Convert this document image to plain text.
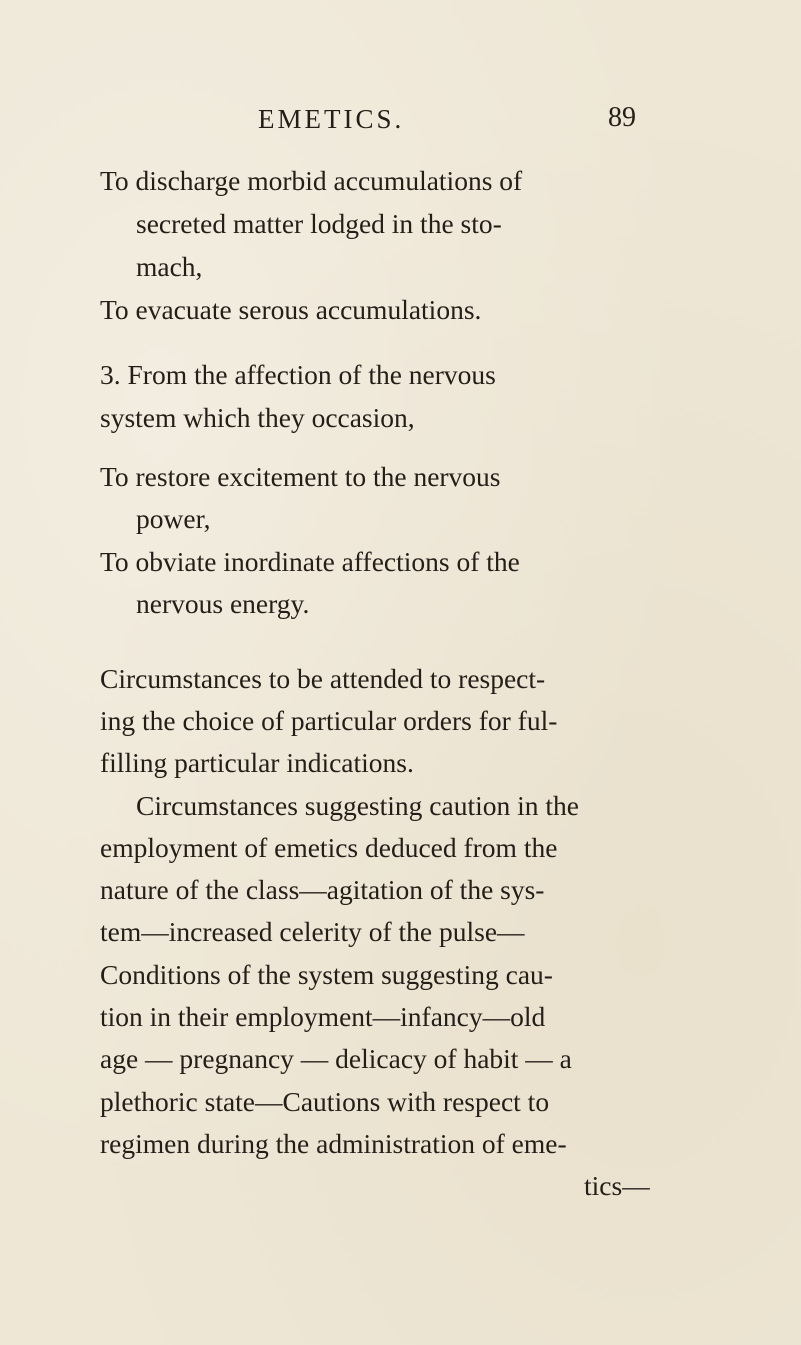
EMETICS.	89
To discharge morbid accumulations of
secreted matter lodged in the sto-
mach,
To evacuate serous accumulations.
3. From the affection of the nervous
system which they occasion,
To restore excitement to the nervous
power,
To obviate inordinate affections of the
nervous energy.
Circumstances to be attended to respect-
ing the choice of particular orders for ful-
filling particular indications.
Circumstances suggesting caution in the
employment of emetics deduced from the
nature of the class—agitation of the sys-
tem—increased celerity of the pulse—
Conditions of the system suggesting cau-
tion in their employment—infancy—old
age — pregnancy — delicacy of habit — a
plethoric state—Cautions with respect to
regimen during the administration of eme-
tics—
